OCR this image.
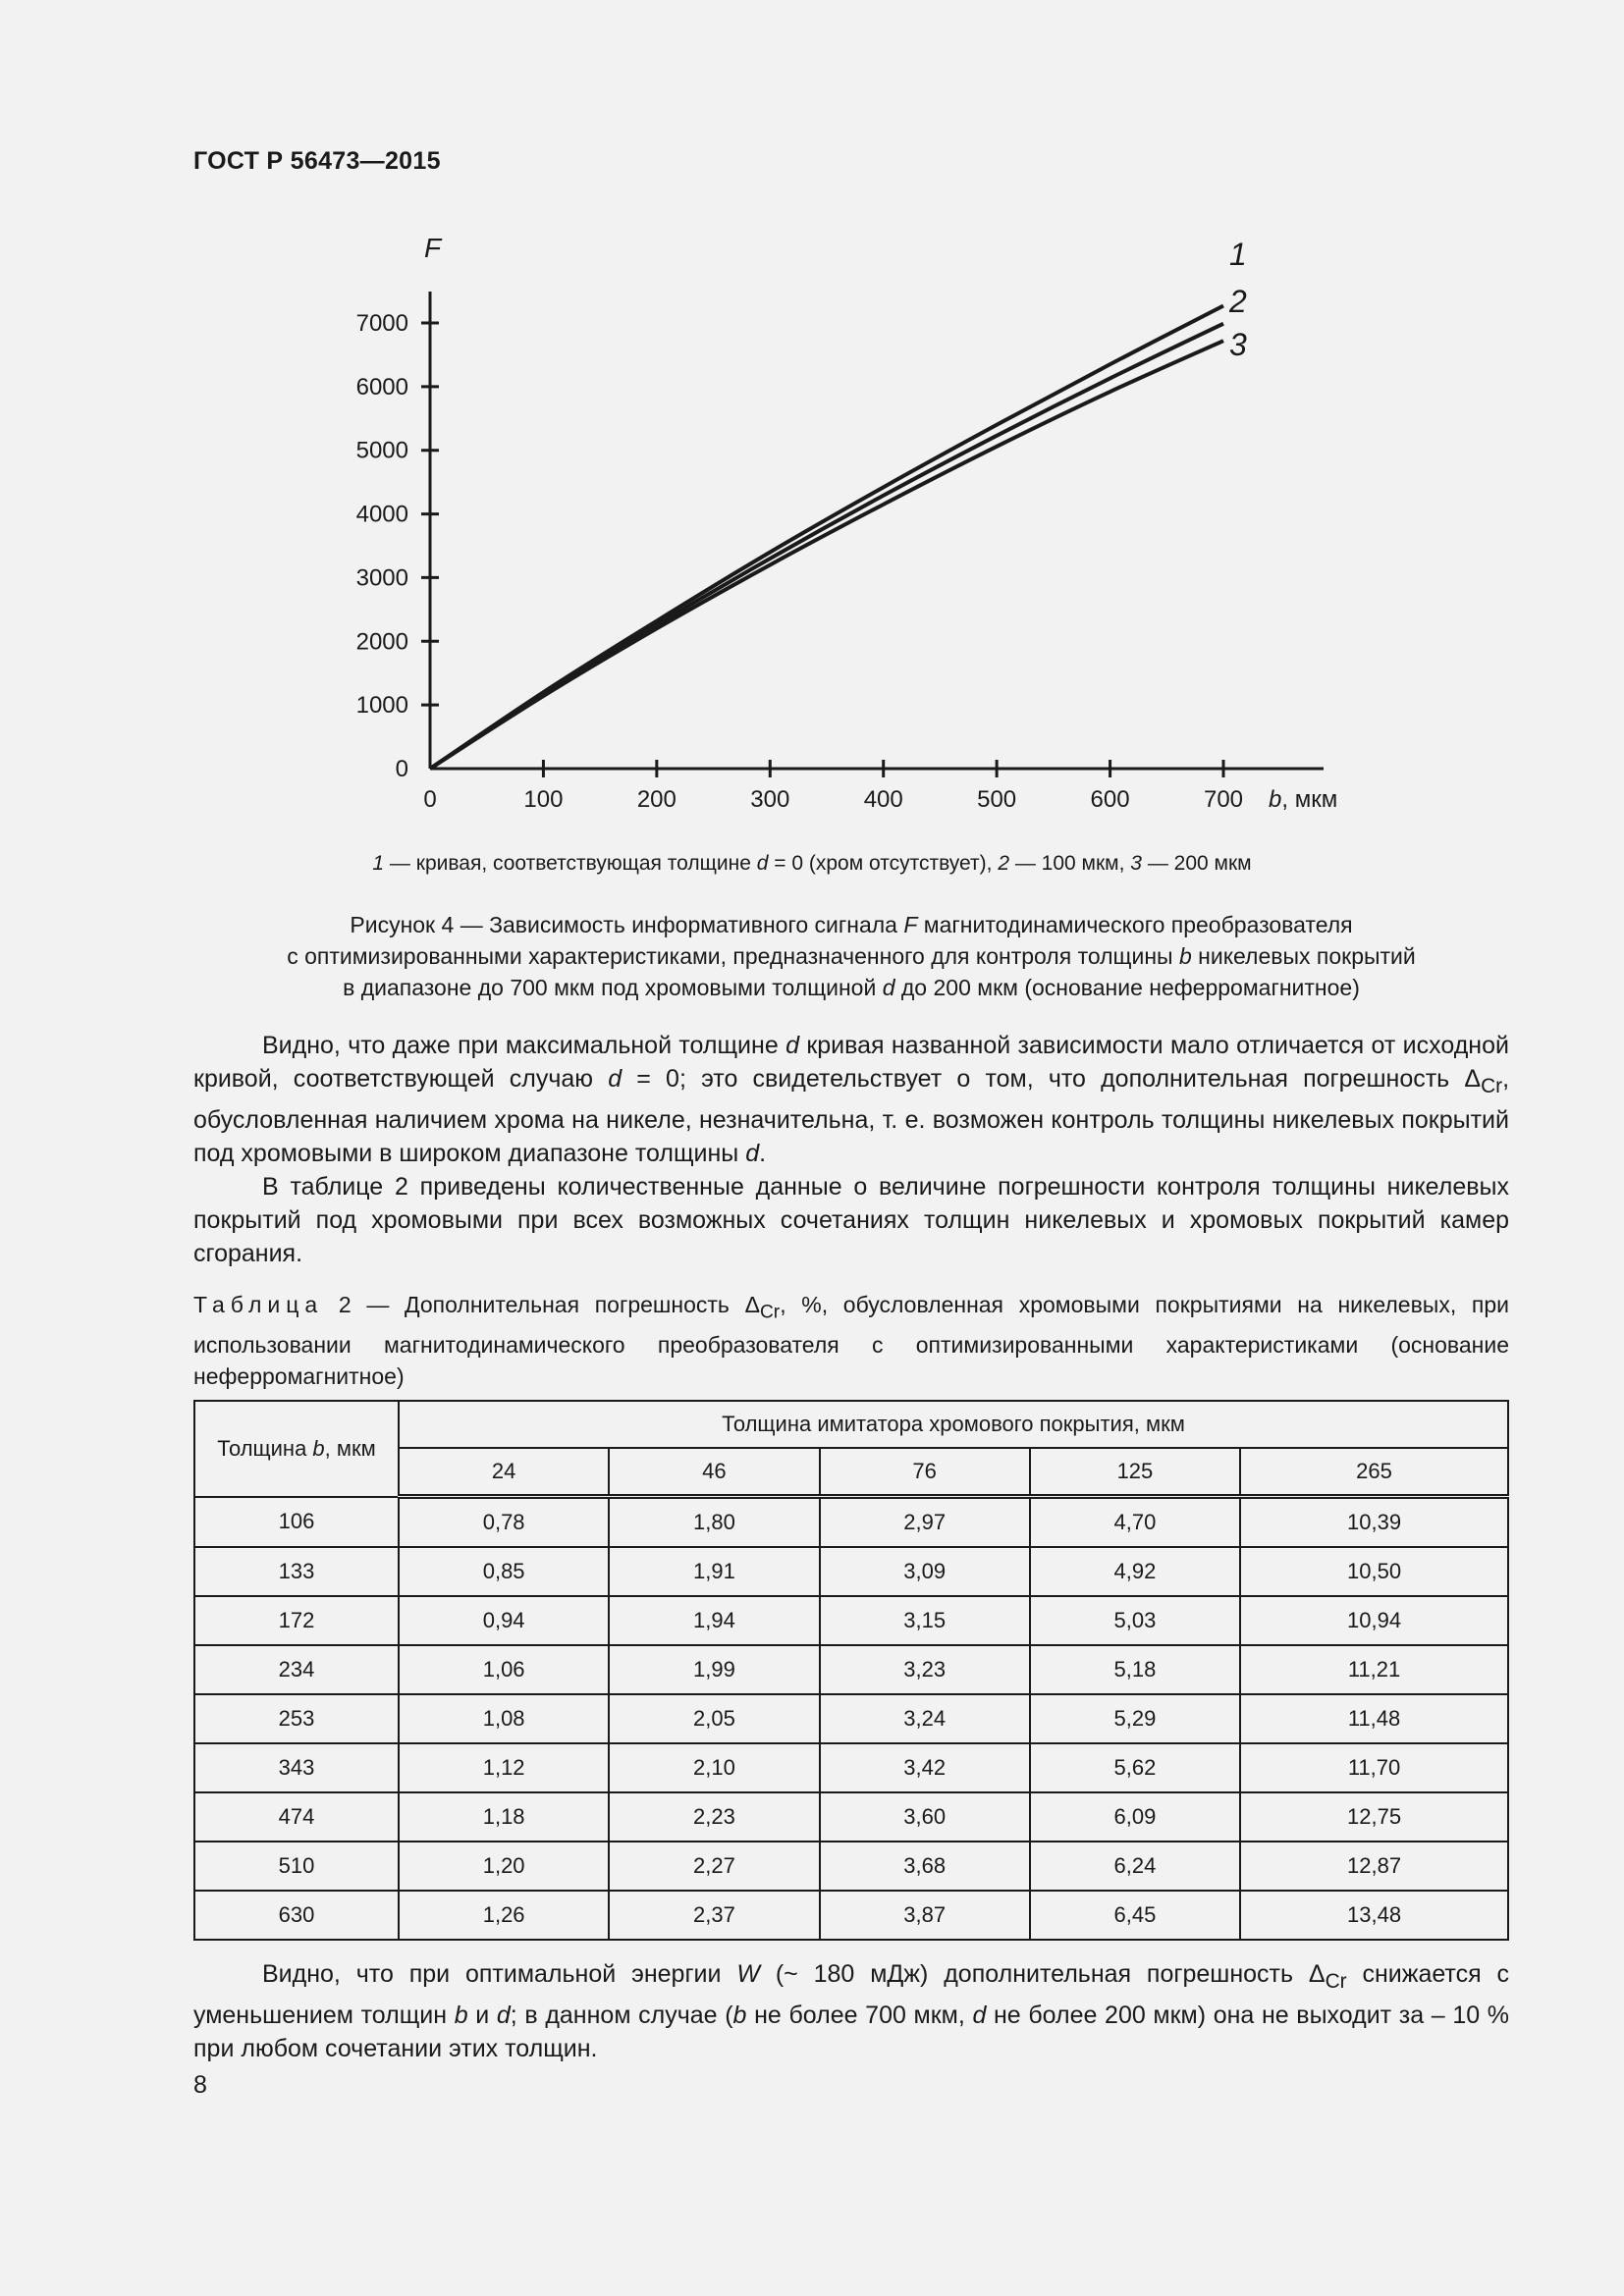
ГОСТ Р 56473—2015
0	100	200	300	400	500	600	700
0
1000
2000
3000
4000
5000
6000
7000
F
b, мкм
1
2
3
1 — кривая, соответствующая толщине d = 0 (хром отсутствует), 2 — 100 мкм, 3 — 200 мкм
Рисунок 4 — Зависимость информативного сигнала F магнитодинамического преобразователя
с оптимизированными характеристиками, предназначенного для контроля толщины b никелевых покрытий
в диапазоне до 700 мкм под хромовыми толщиной d до 200 мкм (основание неферромагнитное)

Видно, что даже при максимальной толщине d кривая названной зависимости мало отличается от исходной кривой, соответствующей случаю d = 0; это свидетельствует о том, что дополнительная погрешность $\Delta_{Cr}$, обусловленная наличием хрома на никеле, незначительна, т. е. возможен контроль толщины никелевых покрытий под хромовыми в широком диапазоне толщины d.

В таблице 2 приведены количественные данные о величине погрешности контроля толщины никелевых покрытий под хромовыми при всех возможных сочетаниях толщин никелевых и хромовых покрытий камер сгорания.

Таблица 2 — Дополнительная погрешность $\Delta_{Cr}$, %, обусловленная хромовыми покрытиями на никелевых, при использовании магнитодинамического преобразователя с оптимизированными характеристиками (основание неферромагнитное)
Толщина b, мкм	Толщина имитатора хромового покрытия, мкм				
	24	46	76	125	265
106	0,78	1,80	2,97	4,70	10,39
133	0,85	1,91	3,09	4,92	10,50
172	0,94	1,94	3,15	5,03	10,94
234	1,06	1,99	3,23	5,18	11,21
253	1,08	2,05	3,24	5,29	11,48
343	1,12	2,10	3,42	5,62	11,70
474	1,18	2,23	3,60	6,09	12,75
510	1,20	2,27	3,68	6,24	12,87
630	1,26	2,37	3,87	6,45	13,48

Видно, что при оптимальной энергии W (~ 180 мДж) дополнительная погрешность $\Delta_{Cr}$ снижается с уменьшением толщин b и d; в данном случае (b не более 700 мкм, d не более 200 мкм) она не выходит за – 10 % при любом сочетании этих толщин.

8
